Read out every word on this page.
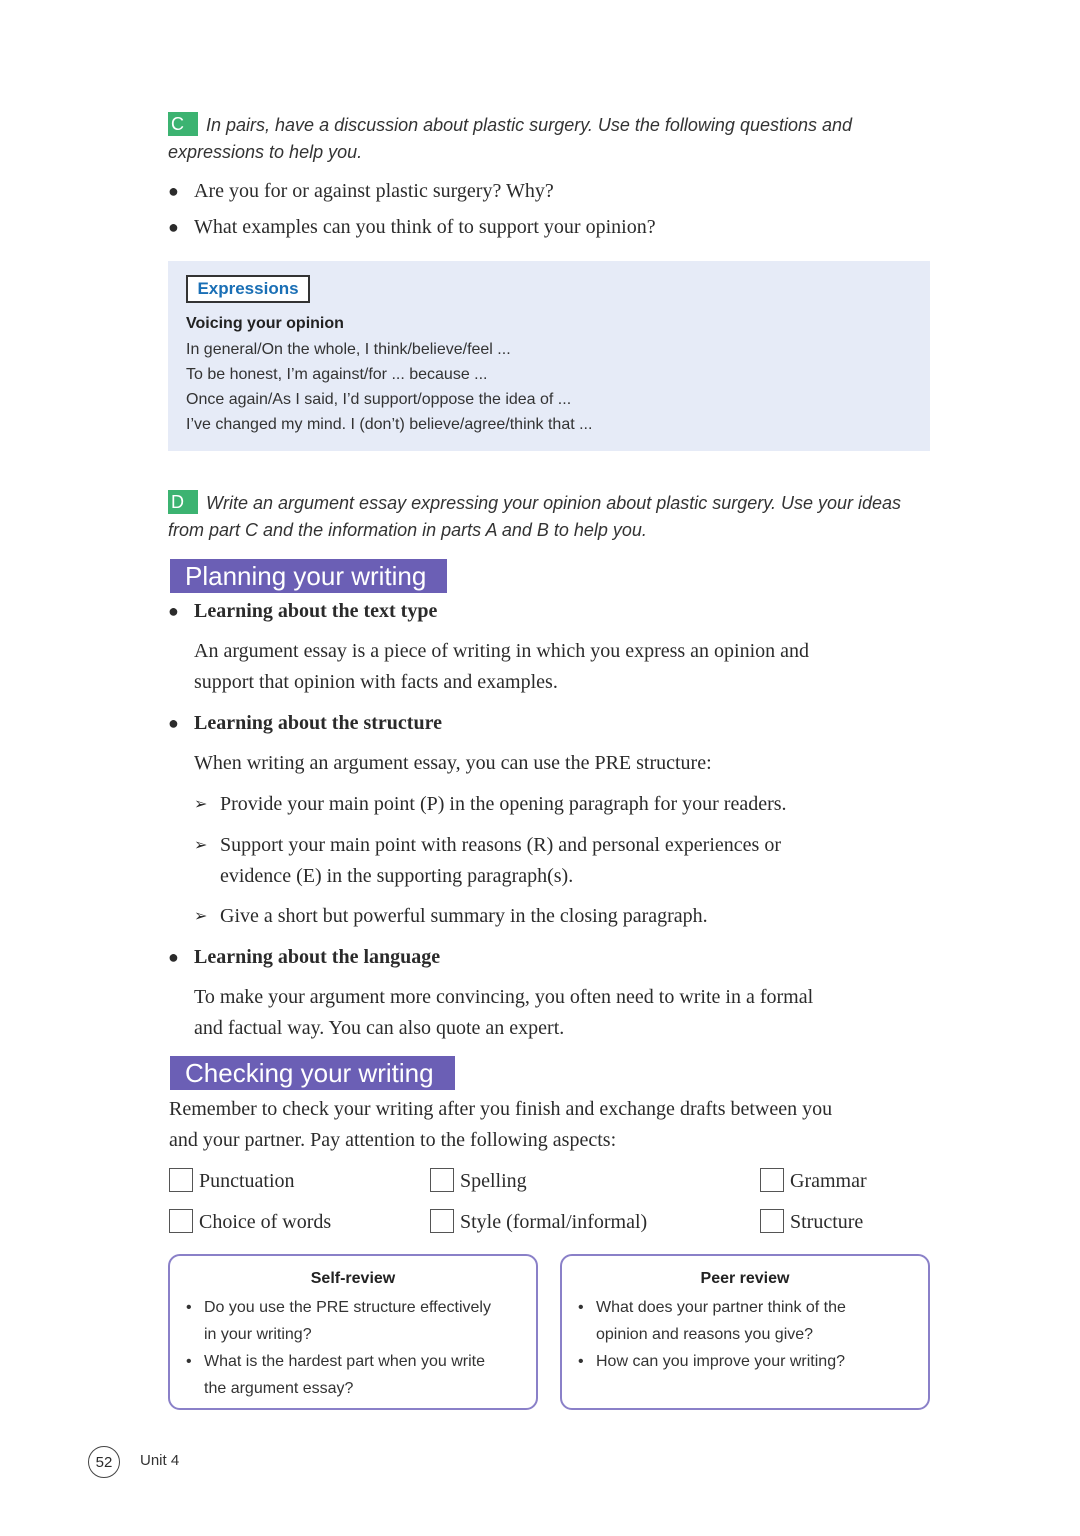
C In pairs, have a discussion about plastic surgery. Use the following questions and
expressions to help you.
● Are you for or against plastic surgery? Why?
● What examples can you think of to support your opinion?
Expressions
Voicing your opinion
In general/On the whole, I think/believe/feel ...
To be honest, I’m against/for ... because ...
Once again/As I said, I’d support/oppose the idea of ...
I’ve changed my mind. I (don’t) believe/agree/think that ...
D Write an argument essay expressing your opinion about plastic surgery. Use your ideas
from part C and the information in parts A and B to help you.
Planning your writing
● Learning about the text type
An argument essay is a piece of writing in which you express an opinion and
support that opinion with facts and examples.
● Learning about the structure
When writing an argument essay, you can use the PRE structure:
➢ Provide your main point (P) in the opening paragraph for your readers.
➢ Support your main point with reasons (R) and personal experiences or
evidence (E) in the supporting paragraph(s).
➢ Give a short but powerful summary in the closing paragraph.
● Learning about the language
To make your argument more convincing, you often need to write in a formal
and factual way. You can also quote an expert.
Checking your writing
Remember to check your writing after you finish and exchange drafts between you
and your partner. Pay attention to the following aspects:
Punctuation	Spelling	Grammar
Choice of words	Style (formal/informal)	Structure
Self-review
• Do you use the PRE structure effectively
in your writing?
• What is the hardest part when you write
the argument essay?
Peer review
• What does your partner think of the
opinion and reasons you give?
• How can you improve your writing?
52	Unit 4
